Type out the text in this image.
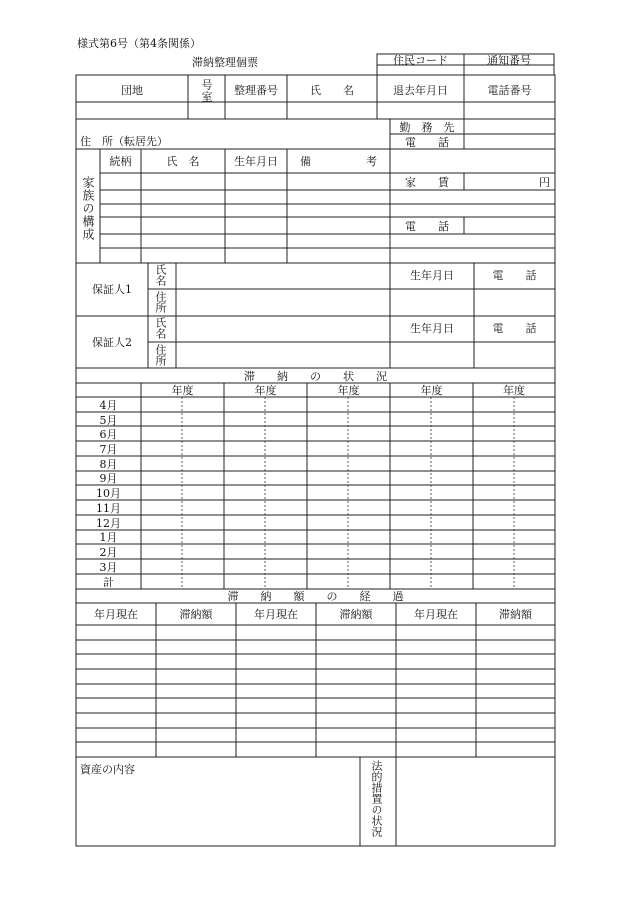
様式第6号（第4条関係）
滞納整理個票	住民コード	通知番号
団地	号室	整理番号	氏　　名	退去年月日	電話番号
住　所（転居先）
勤　務　先
電　　話
家族の構成
続柄	氏　名	生年月日	備　　　　　考
家　　賃	円
電　　話
保証人1
氏名
住所
生年月日	電　　話
保証人2
氏名
住所
生年月日	電　　話
滞　　納　　の　　状　　況
年度	年度	年度	年度	年度
4月
5月
6月
7月
8月
9月
10月
11月
12月
1月
2月
3月
計
滞　　納　　額　　の　　経　　過
年月現在	滞納額	年月現在	滞納額	年月現在	滞納額
資産の内容	法的措置の状況
